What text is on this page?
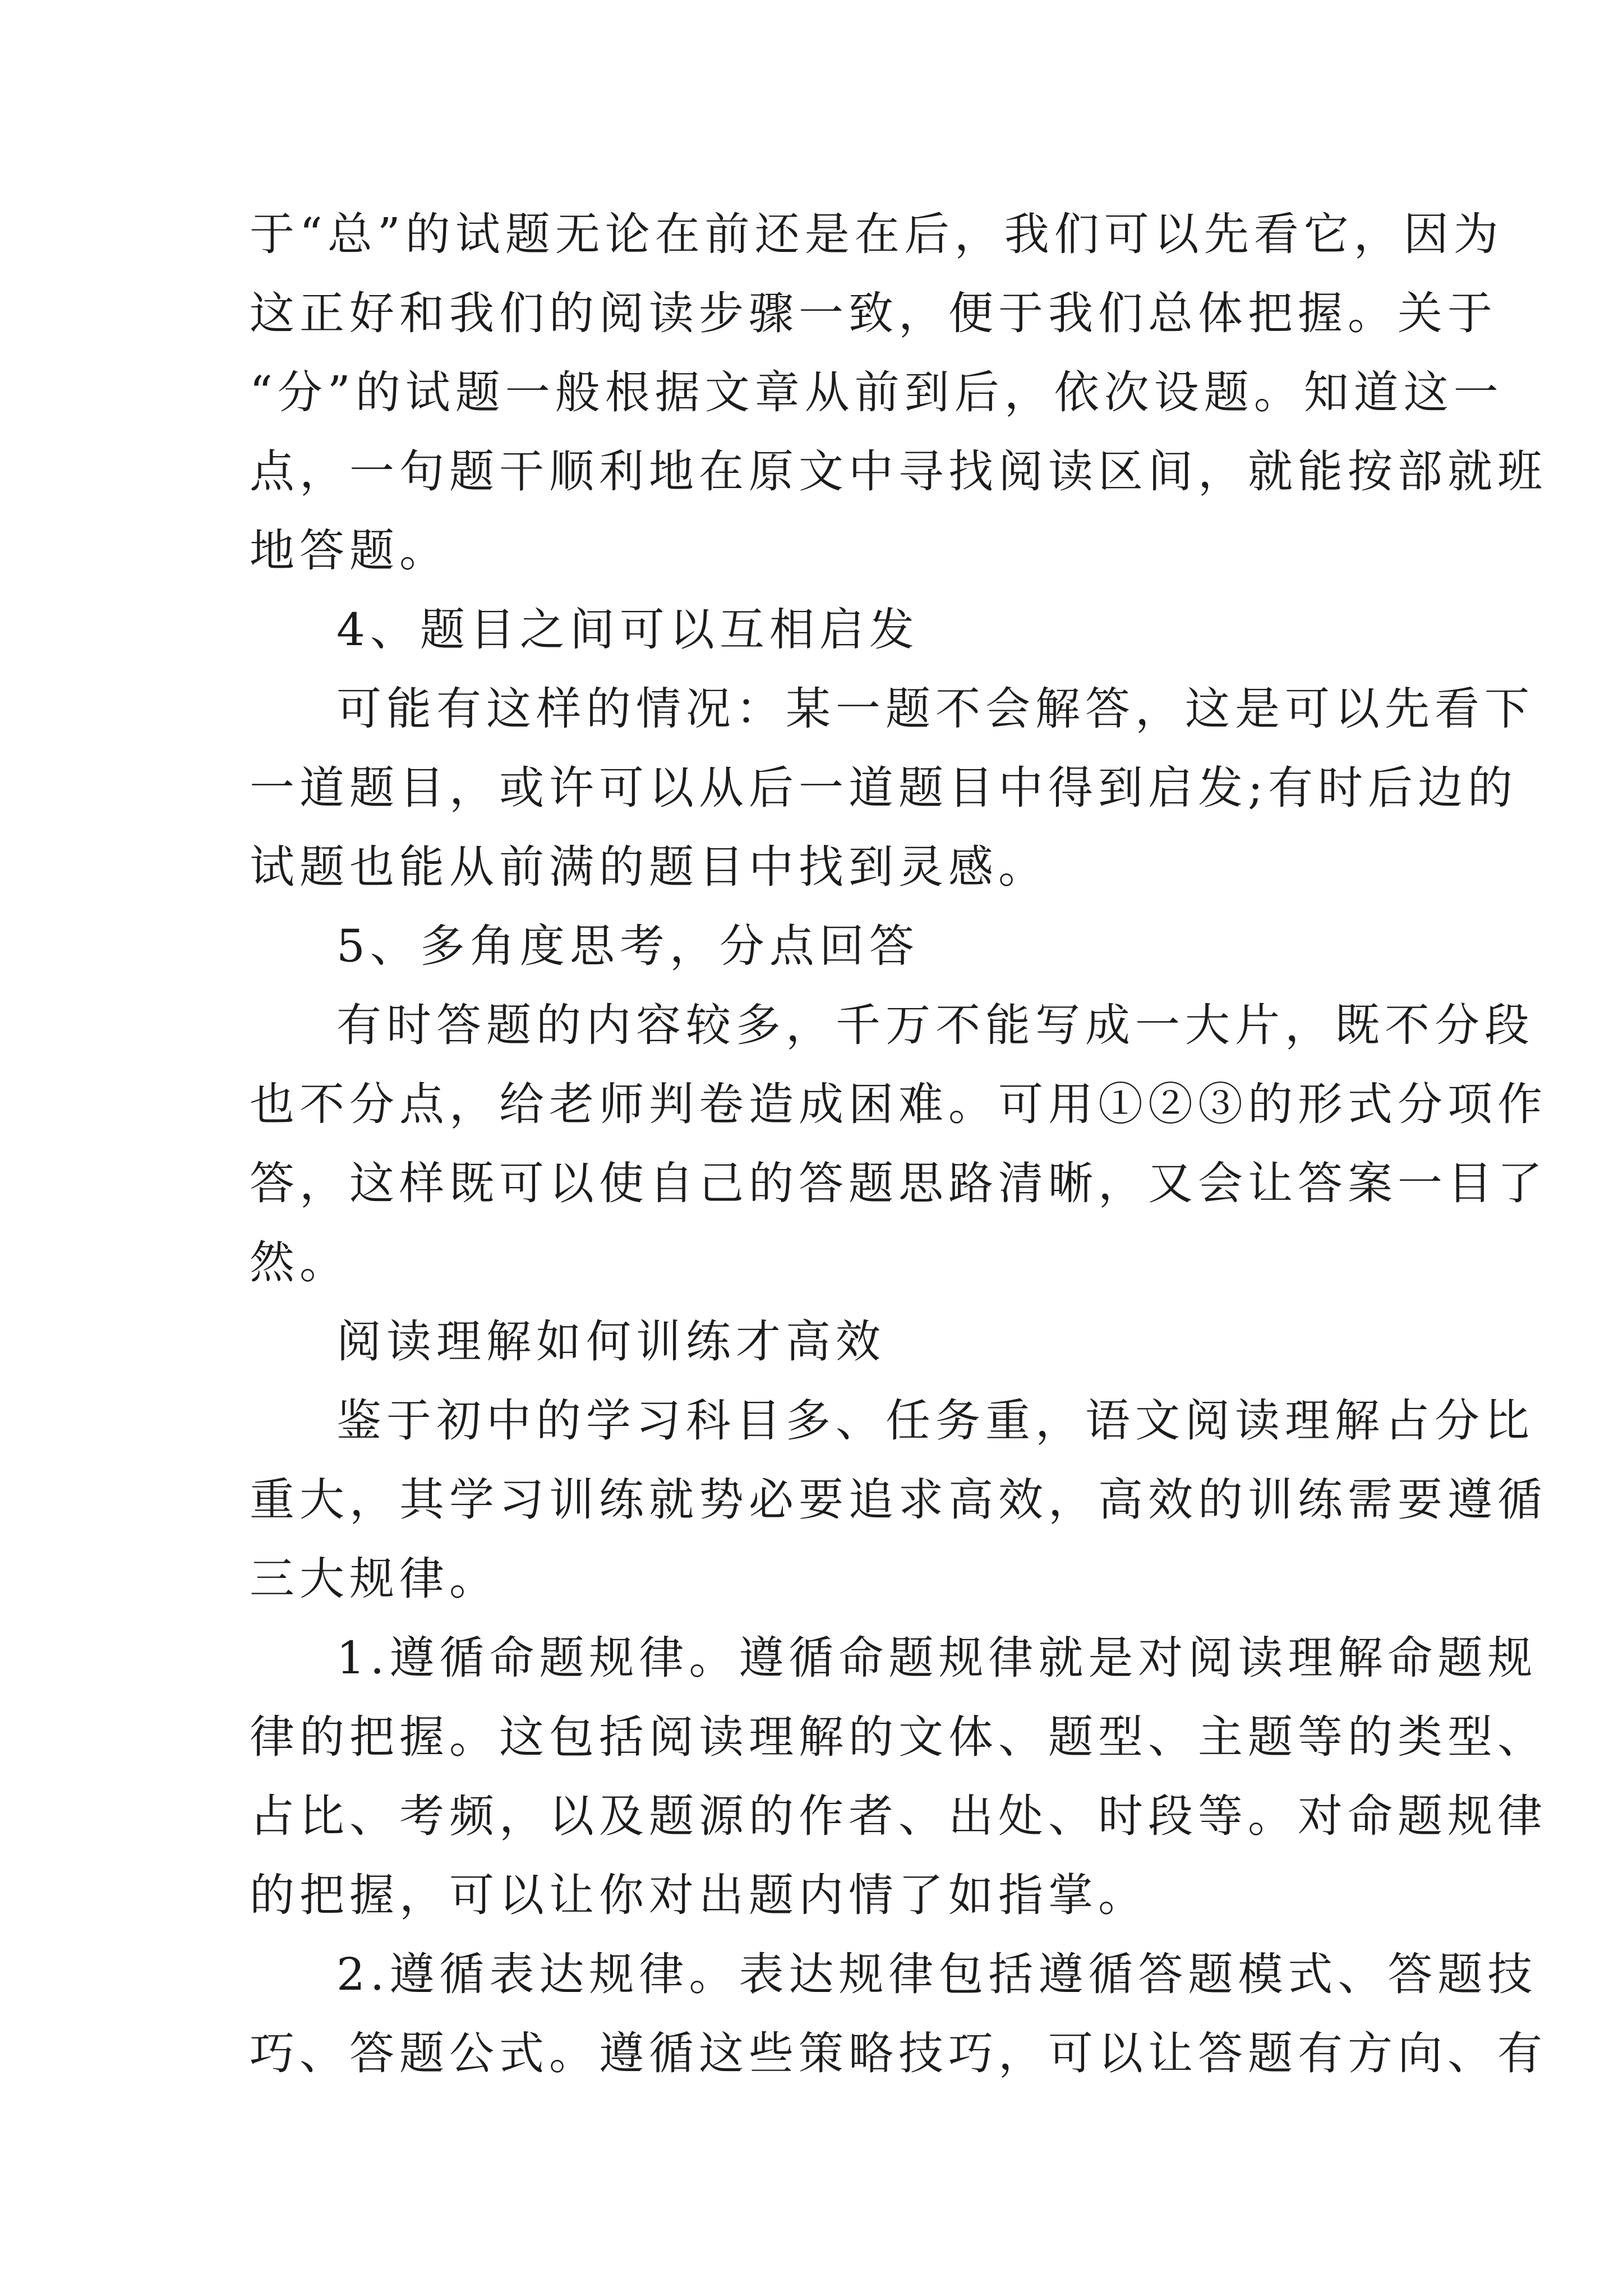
于“总”的试题无论在前还是在后，我们可以先看它，因为
这正好和我们的阅读步骤一致，便于我们总体把握。关于
“分”的试题一般根据文章从前到后，依次设题。知道这一
点，一句题干顺利地在原文中寻找阅读区间，就能按部就班
地答题。
4、题目之间可以互相启发
可能有这样的情况：某一题不会解答，这是可以先看下
一道题目，或许可以从后一道题目中得到启发;有时后边的
试题也能从前满的题目中找到灵感。
5、多角度思考，分点回答
有时答题的内容较多，千万不能写成一大片，既不分段
也不分点，给老师判卷造成困难。可用①②③的形式分项作
答，这样既可以使自己的答题思路清晰，又会让答案一目了
然。
阅读理解如何训练才高效
鉴于初中的学习科目多、任务重，语文阅读理解占分比
重大，其学习训练就势必要追求高效，高效的训练需要遵循
三大规律。
1.遵循命题规律。遵循命题规律就是对阅读理解命题规
律的把握。这包括阅读理解的文体、题型、主题等的类型、
占比、考频，以及题源的作者、出处、时段等。对命题规律
的把握，可以让你对出题内情了如指掌。
2.遵循表达规律。表达规律包括遵循答题模式、答题技
巧、答题公式。遵循这些策略技巧，可以让答题有方向、有
